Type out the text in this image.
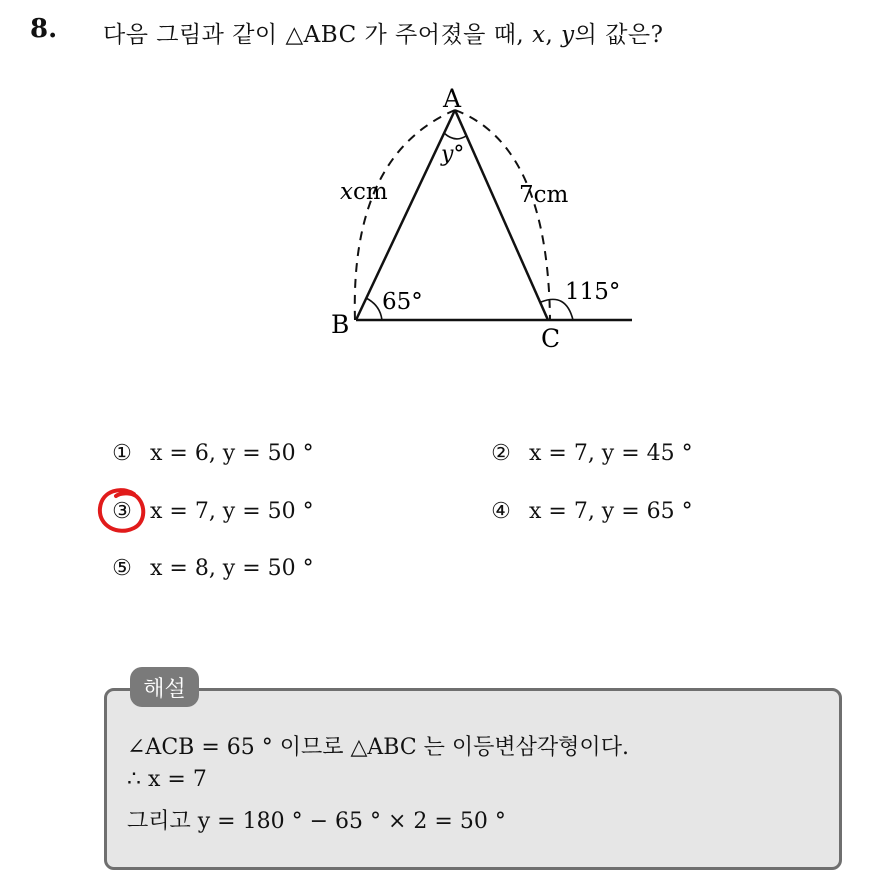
8. 다음 그림과 같이 △ABC 가 주어졌을 때, x, y의 값은?
A
B	C
y°
xcm	7cm
65°	115°
① x = 6, y = 50 °	② x = 7, y = 45 °
③ x = 7, y = 50 °	④ x = 7, y = 65 °
⑤ x = 8, y = 50 °
해설
∠ACB = 65 ° 이므로 △ABC 는 이등변삼각형이다.
∴ x = 7
그리고 y = 180 ° − 65 ° × 2 = 50 °
